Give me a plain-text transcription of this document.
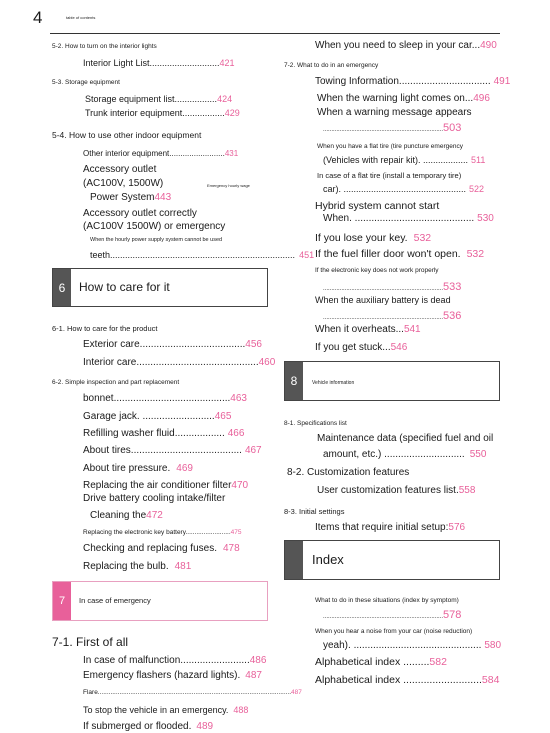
4	table of contents
5-2. How to turn on the interior lights
Interior Light List............................421
5-3. Storage equipment
Storage equipment list.................424
Trunk interior equipment.................429
5-4. How to use other indoor equipment
Other interior equipment.........................431
Accessory outlet
(AC100V, 1500W)	Emergency hourly wage
Power System443
Accessory outlet correctly
(AC100V 1500W) or emergency
When the hourly power supply system cannot be used
teeth.......................................................................... 451
6	How to care for it
6-1. How to care for the product
Exterior care......................................456
Interior care............................................460
6-2. Simple inspection and part replacement
bonnet..........................................463
Garage jack. ..........................465
Refilling washer fluid.................. 466
About tires........................................ 467
About tire pressure. 469
Replacing the air conditioner filter470
Drive battery cooling intake/filter
Cleaning the472
Replacing the electronic key battery.........................475
Checking and replacing fuses. 478
Replacing the bulb. 481
7	In case of emergency
7-1. First of all
In case of malfunction.........................486
Emergency flashers (hazard lights). 487
Flare...........................................................................................................487
To stop the vehicle in an emergency. 488
If submerged or flooded. 489
When you need to sleep in your car...490
7-2. What to do in an emergency
Towing Information................................. 491
When the warning light comes on...496
When a warning message appears
........................................................................503
When you have a flat tire (tire puncture emergency
(Vehicles with repair kit). .................. 511
In case of a flat tire (install a temporary tire)
car). ................................................. 522
Hybrid system cannot start
When. ........................................... 530
If you lose your key. 532
If the fuel filler door won't open. 532
If the electronic key does not work properly
........................................................................533
When the auxiliary battery is dead
........................................................................536
When it overheats...541
If you get stuck...546
8	Vehicle information
8-1. Specifications list
Maintenance data (specified fuel and oil
amount, etc.) ............................. 550
8-2. Customization features
User customization features list.558
8-3. Initial settings
Items that require initial setup:576
Index
What to do in these situations (index by symptom)
........................................................................578
When you hear a noise from your car (noise reduction)
yeah). .............................................. 580
Alphabetical index .........582
Alphabetical index ...........................584
